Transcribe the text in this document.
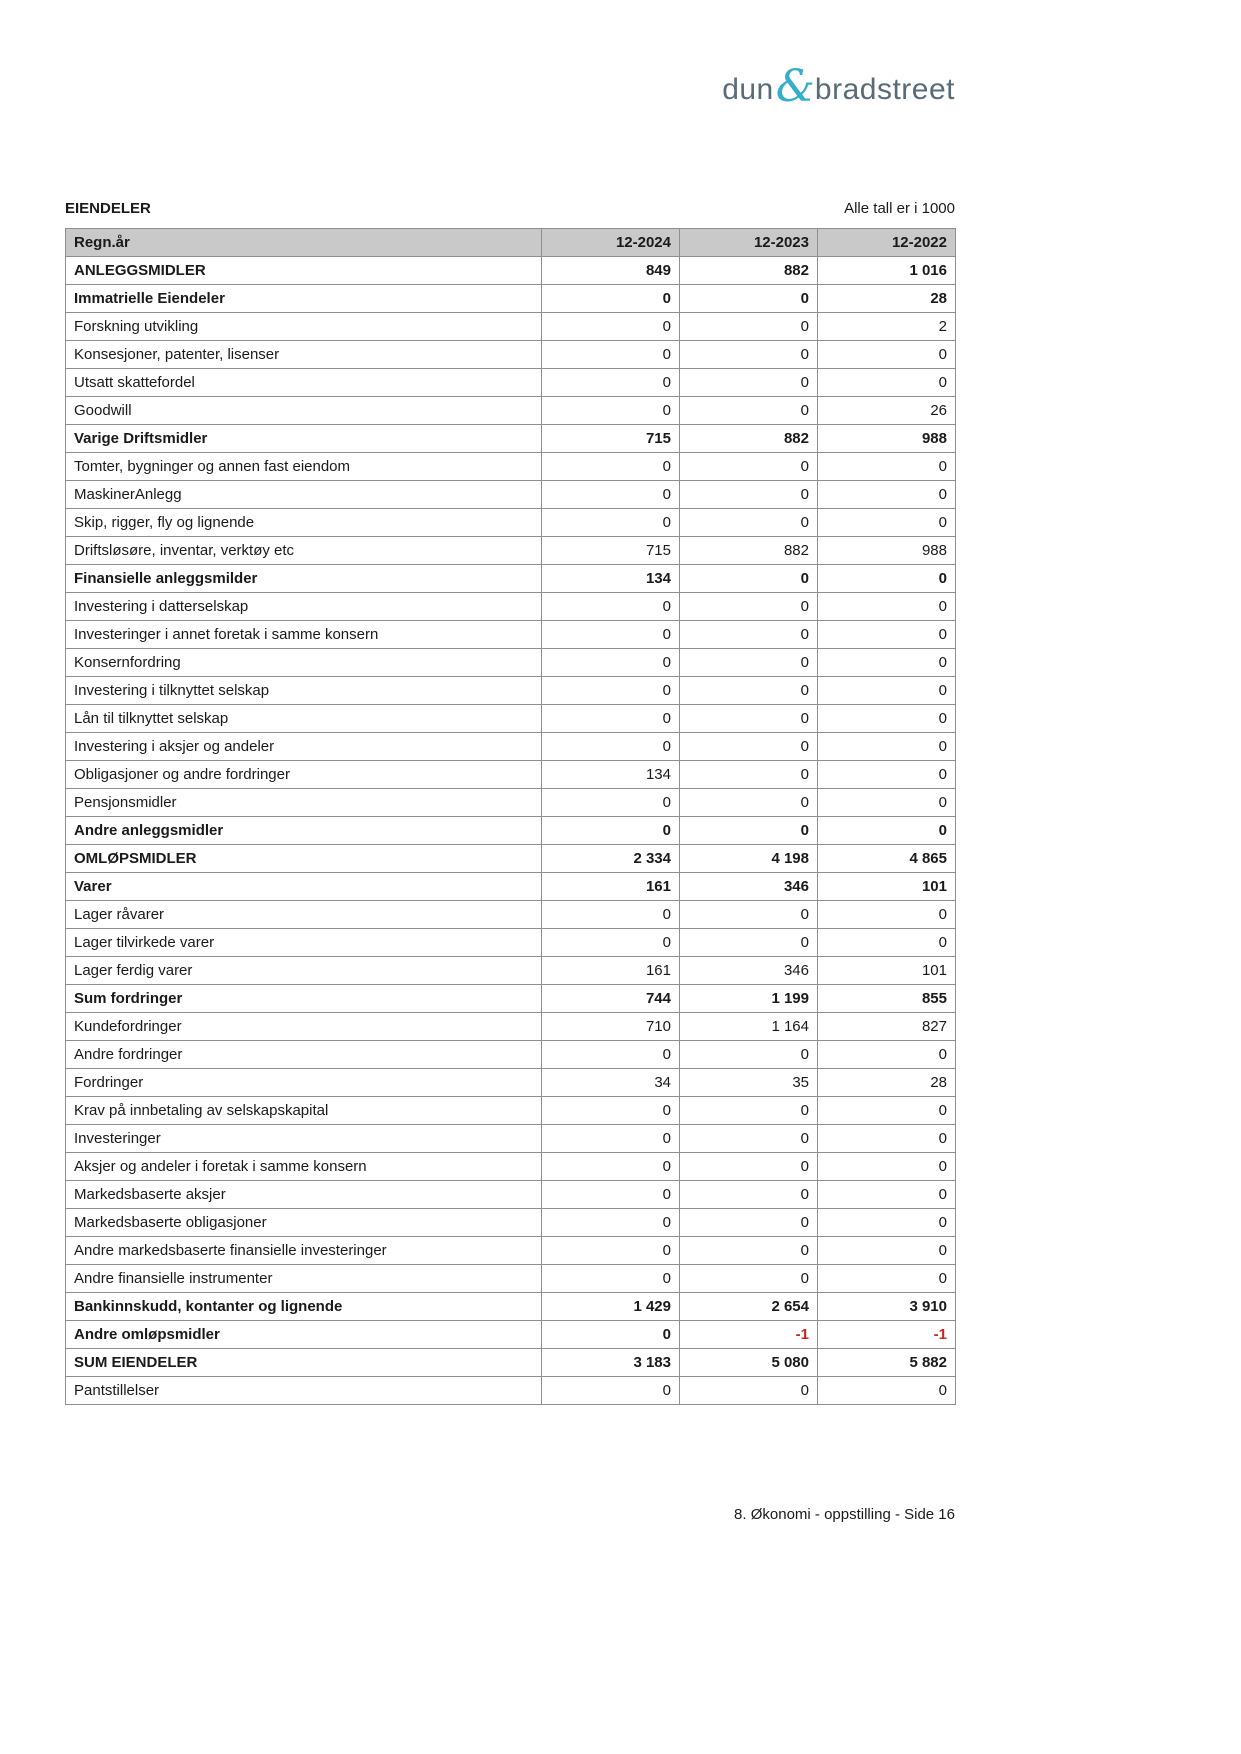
dun & bradstreet
EIENDELER	Alle tall er i 1000
Regn.år	12-2024	12-2023	12-2022
ANLEGGSMIDLER	849	882	1 016
Immatrielle Eiendeler	0	0	28
Forskning utvikling	0	0	2
Konsesjoner, patenter, lisenser	0	0	0
Utsatt skattefordel	0	0	0
Goodwill	0	0	26
Varige Driftsmidler	715	882	988
Tomter, bygninger og annen fast eiendom	0	0	0
MaskinerAnlegg	0	0	0
Skip, rigger, fly og lignende	0	0	0
Driftsløsøre, inventar, verktøy etc	715	882	988
Finansielle anleggsmilder	134	0	0
Investering i datterselskap	0	0	0
Investeringer i annet foretak i samme konsern	0	0	0
Konsernfordring	0	0	0
Investering i tilknyttet selskap	0	0	0
Lån til tilknyttet selskap	0	0	0
Investering i aksjer og andeler	0	0	0
Obligasjoner og andre fordringer	134	0	0
Pensjonsmidler	0	0	0
Andre anleggsmidler	0	0	0
OMLØPSMIDLER	2 334	4 198	4 865
Varer	161	346	101
Lager råvarer	0	0	0
Lager tilvirkede varer	0	0	0
Lager ferdig varer	161	346	101
Sum fordringer	744	1 199	855
Kundefordringer	710	1 164	827
Andre fordringer	0	0	0
Fordringer	34	35	28
Krav på innbetaling av selskapskapital	0	0	0
Investeringer	0	0	0
Aksjer og andeler i foretak i samme konsern	0	0	0
Markedsbaserte aksjer	0	0	0
Markedsbaserte obligasjoner	0	0	0
Andre markedsbaserte finansielle investeringer	0	0	0
Andre finansielle instrumenter	0	0	0
Bankinnskudd, kontanter og lignende	1 429	2 654	3 910
Andre omløpsmidler	0	-1	-1
SUM EIENDELER	3 183	5 080	5 882
Pantstillelser	0	0	0
8. Økonomi - oppstilling - Side 16
